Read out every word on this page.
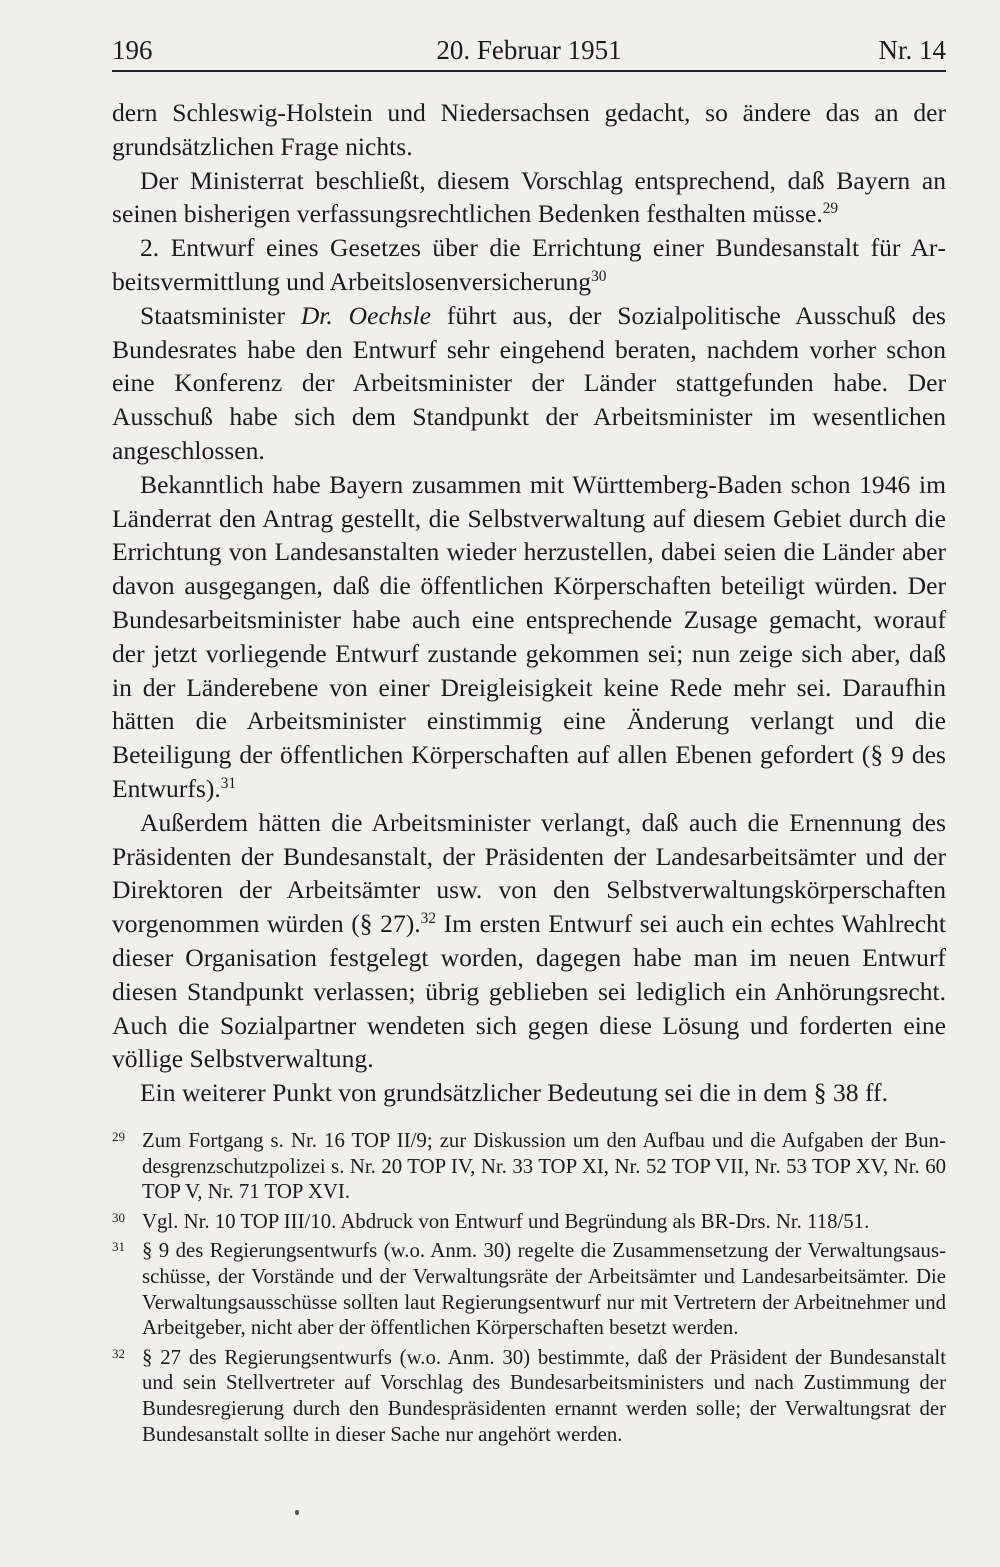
196	20. Februar 1951	Nr. 14

dern Schleswig-Holstein und Niedersachsen gedacht, so ändere das an der grundsätzlichen Frage nichts.

Der Ministerrat beschließt, diesem Vorschlag entsprechend, daß Bayern an seinen bisherigen verfassungsrechtlichen Bedenken festhalten müsse.$^{29}$

2. Entwurf eines Gesetzes über die Errichtung einer Bundesanstalt für Arbeitsvermittlung und Arbeitslosenversicherung$^{30}$

Staatsminister Dr. Oechsle führt aus, der Sozialpolitische Ausschuß des Bundesrates habe den Entwurf sehr eingehend beraten, nachdem vorher schon eine Konferenz der Arbeitsminister der Länder stattgefunden habe. Der Ausschuß habe sich dem Standpunkt der Arbeitsminister im wesentlichen angeschlossen.

Bekanntlich habe Bayern zusammen mit Württemberg-Baden schon 1946 im Länderrat den Antrag gestellt, die Selbstverwaltung auf diesem Gebiet durch die Errichtung von Landesanstalten wieder herzustellen, dabei seien die Länder aber davon ausgegangen, daß die öffentlichen Körperschaften beteiligt würden. Der Bundesarbeitsminister habe auch eine entsprechende Zusage gemacht, worauf der jetzt vorliegende Entwurf zustande gekommen sei; nun zeige sich aber, daß in der Länderebene von einer Dreigleisigkeit keine Rede mehr sei. Daraufhin hätten die Arbeitsminister einstimmig eine Änderung verlangt und die Beteiligung der öffentlichen Körperschaften auf allen Ebenen gefordert (§ 9 des Entwurfs).$^{31}$

Außerdem hätten die Arbeitsminister verlangt, daß auch die Ernennung des Präsidenten der Bundesanstalt, der Präsidenten der Landesarbeitsämter und der Direktoren der Arbeitsämter usw. von den Selbstverwaltungskörperschaften vorgenommen würden (§ 27).$^{32}$ Im ersten Entwurf sei auch ein echtes Wahlrecht dieser Organisation festgelegt worden, dagegen habe man im neuen Entwurf diesen Standpunkt verlassen; übrig geblieben sei lediglich ein Anhörungsrecht. Auch die Sozialpartner wendeten sich gegen diese Lösung und forderten eine völlige Selbstverwaltung.

Ein weiterer Punkt von grundsätzlicher Bedeutung sei die in dem § 38 ff.

29 Zum Fortgang s. Nr. 16 TOP II/9; zur Diskussion um den Aufbau und die Aufgaben der Bundesgrenzschutzpolizei s. Nr. 20 TOP IV, Nr. 33 TOP XI, Nr. 52 TOP VII, Nr. 53 TOP XV, Nr. 60 TOP V, Nr. 71 TOP XVI.
30 Vgl. Nr. 10 TOP III/10. Abdruck von Entwurf und Begründung als BR-Drs. Nr. 118/51.
31 § 9 des Regierungsentwurfs (w.o. Anm. 30) regelte die Zusammensetzung der Verwaltungsausschüsse, der Vorstände und der Verwaltungsräte der Arbeitsämter und Landesarbeitsämter. Die Verwaltungsausschüsse sollten laut Regierungsentwurf nur mit Vertretern der Arbeitnehmer und Arbeitgeber, nicht aber der öffentlichen Körperschaften besetzt werden.
32 § 27 des Regierungsentwurfs (w.o. Anm. 30) bestimmte, daß der Präsident der Bundesanstalt und sein Stellvertreter auf Vorschlag des Bundesarbeitsministers und nach Zustimmung der Bundesregierung durch den Bundespräsidenten ernannt werden solle; der Verwaltungsrat der Bundesanstalt sollte in dieser Sache nur angehört werden.
